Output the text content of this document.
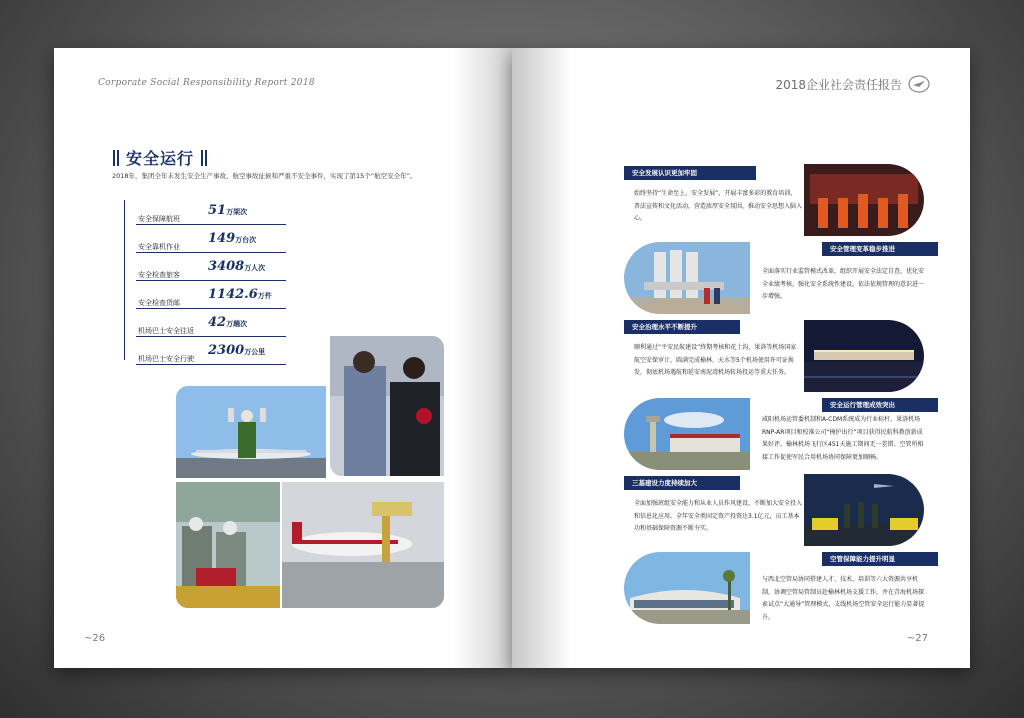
Corporate Social Responsibility Report 2018
安全运行
2018年，集团全年未发生安全生产事故、航空事故征候和严重不安全事件，实现了第15个“航空安全年”。
安全保障航班
51万架次
安全靠机作业
149万台次
安全检查旅客
3408万人次
安全检查货邮
1142.6万件
机场巴士安全往返
42万趟次
机场巴士安全行驶
2300万公里
~26
2018企业社会责任报告
安全发展认识更加牢固
始终坚持“生命至上、安全发展”，开展丰富多彩的教育培训、普法宣传和文化活动，营造浓厚安全氛围，推动安全思想入脑入心。
安全管理变革稳步推进
全面落实行业监管模式改革，组织开展安全法定自查，优化安全业绩考核，强化安全系统性建设，依法依规管理的意识进一步增强。
安全治理水平不断提升
顺利通过“平安民航建设”终期考核和花土沟、果洛等机场国家航空安保审计，圆满完成榆林、天水等5个机场使用许可证换发，彻底机场遇航和延安南泥湾机场转场投运等重大任务。
安全运行管理成效突出
咸阳机场运管委机制和A-CDM系统成为行业标杆。果洛机场RNP-AR项目和校准公司“掩护出行”项目获得民航科教创新成果好评。榆林机场飞行区451天施工期间无一差错。空管所相接工作促使军民合用机场协同保障更加顺畅。
三基建设力度持续加大
全面加强班组安全能力和从业人员作风建设，不断加大安全投入和信息化应用，全年安全类固定资产投资达3.1亿元，员工基本功和基础保障资源不断夯实。
空管保障能力提升明显
与西北空管局协同搭建人才、技术、培训等六大资源共享机制，协调空管局管制员赴榆林机场支援工作，并在青海机场探索试点“大通导”管理模式，支线机场空管安全运行能力显著提升。
~27
